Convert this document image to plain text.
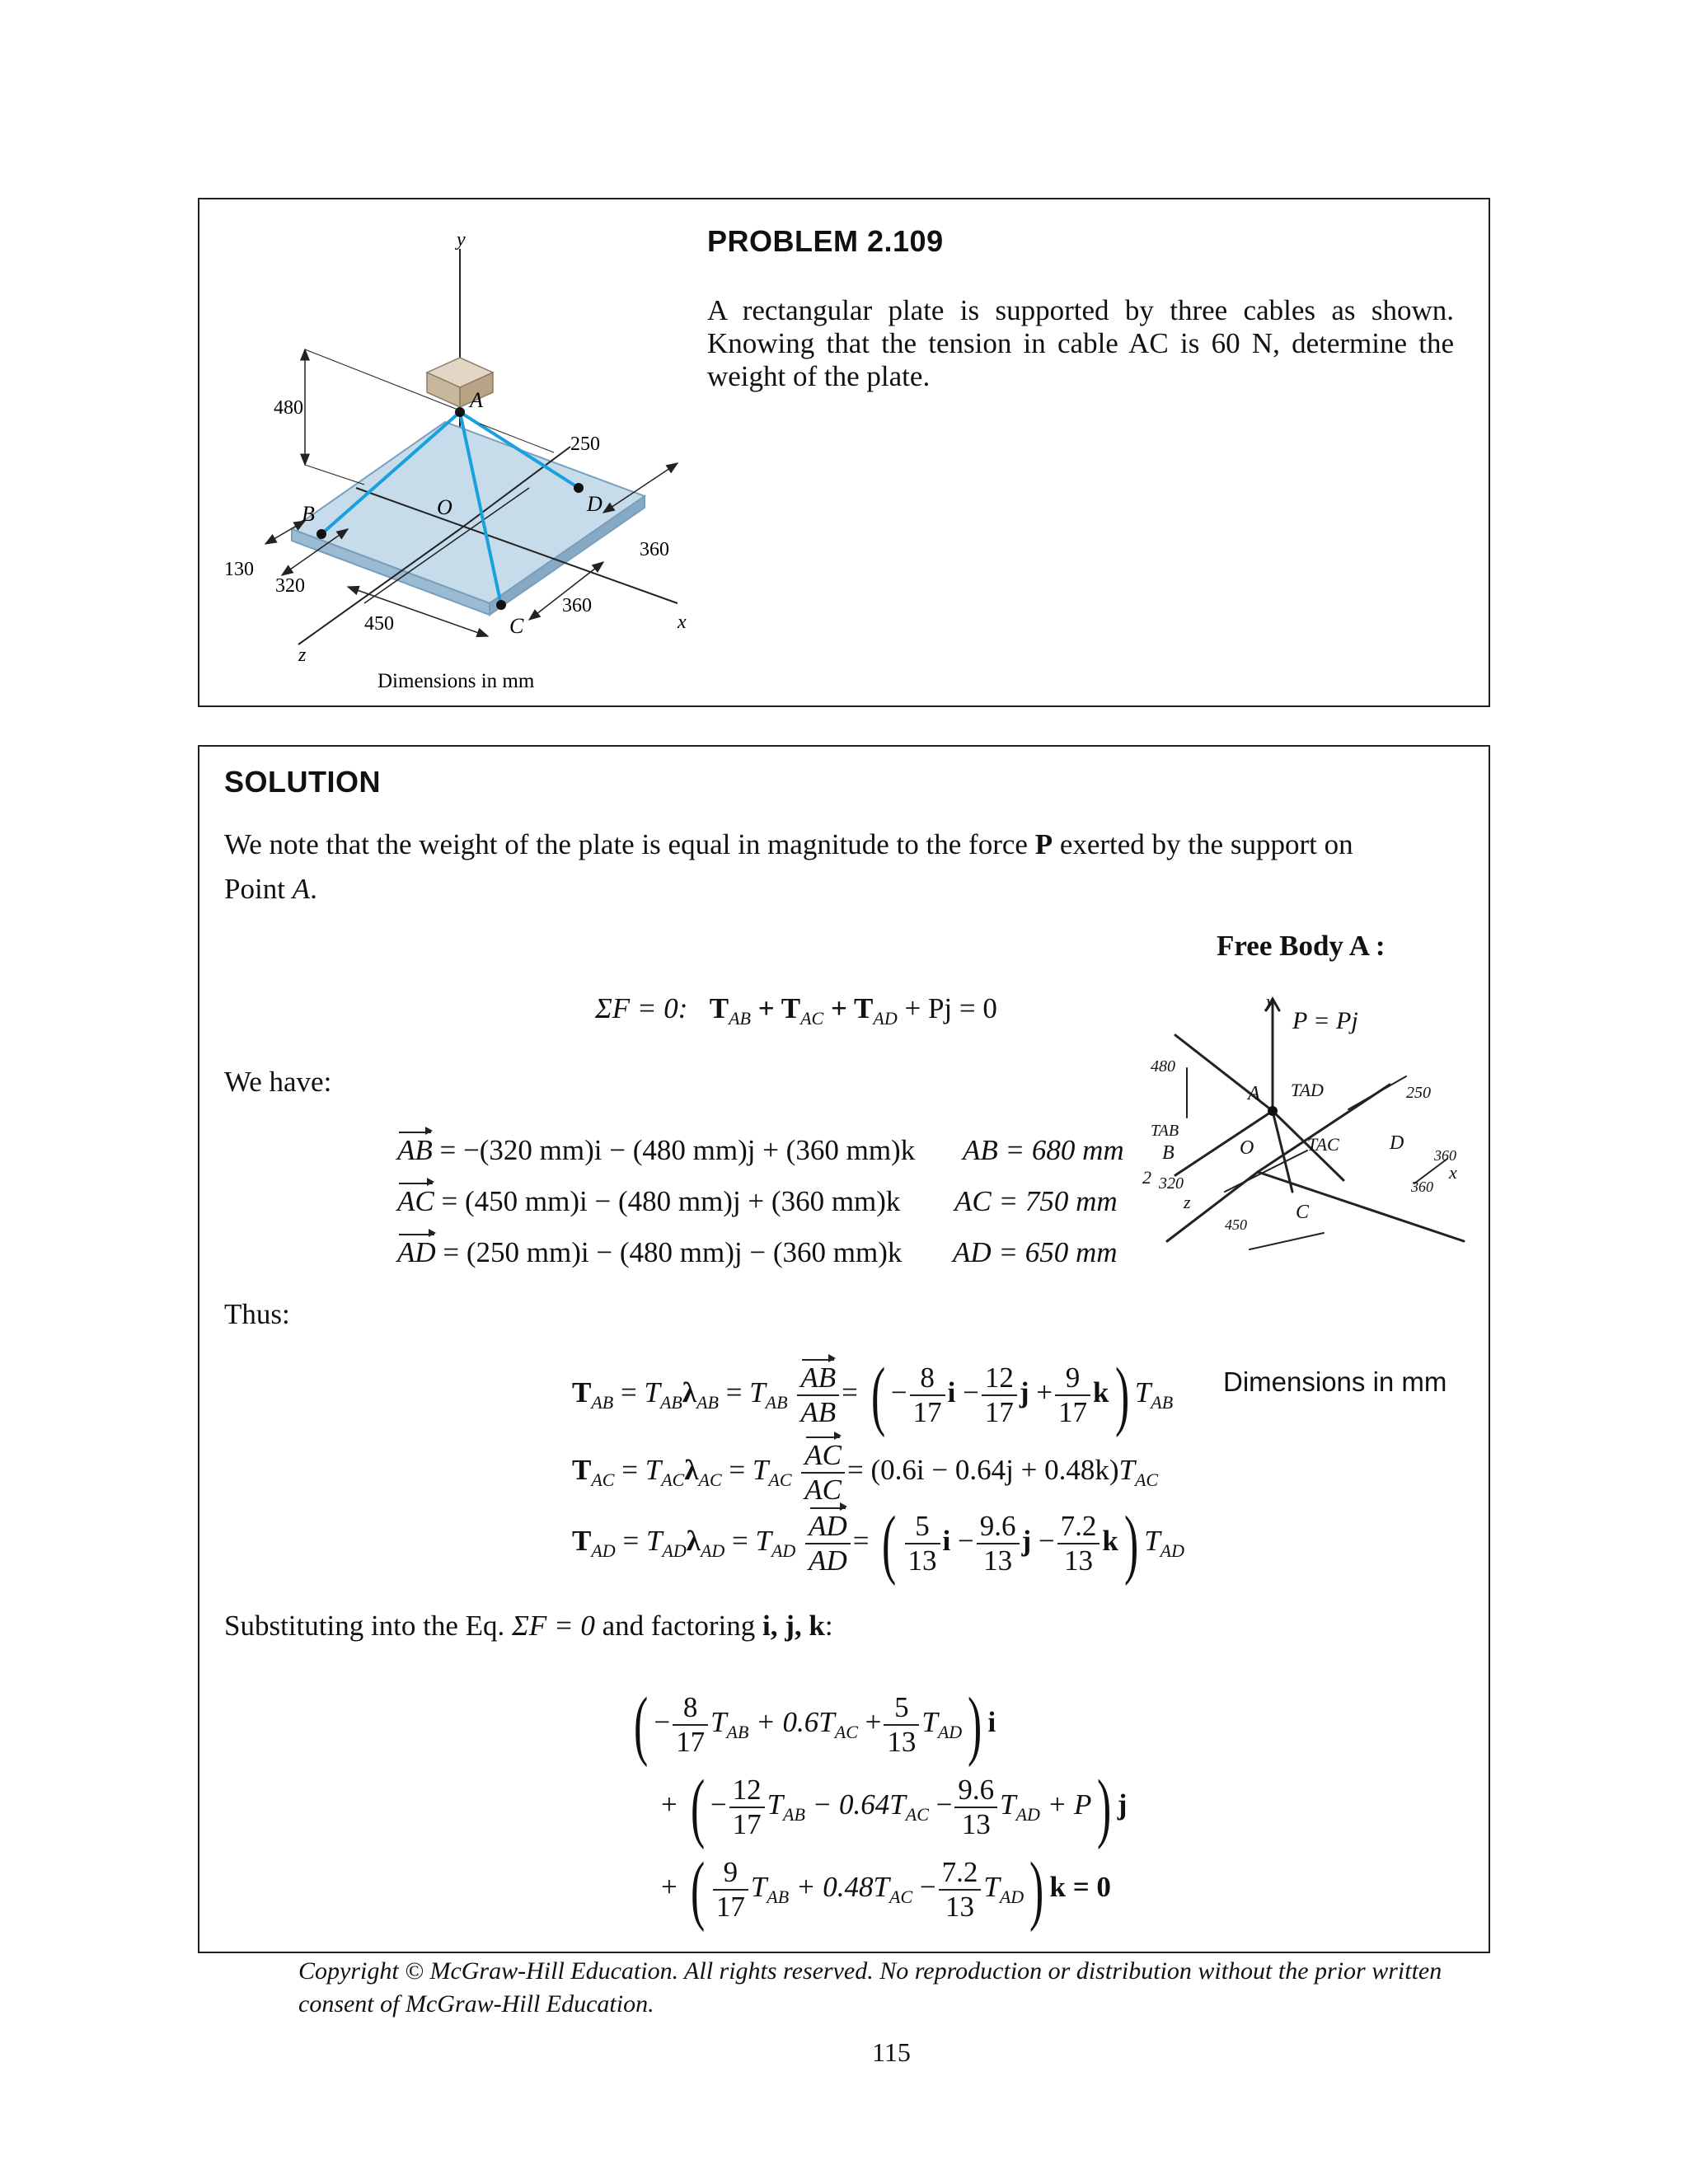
y
A
B
C
D
O
x
z
480
250
360
360
130
320
450
Dimensions in mm
PROBLEM 2.109
A rectangular plate is supported by three cables as shown. Knowing that the tension in cable AC is 60 N, determine the weight of the plate.
SOLUTION
We note that the weight of the plate is equal in magnitude to the force P exerted by the support on
Point A.
Free Body A :
ΣF = 0: $T_{AB} + T_{AC} + T_{AD} + Pj = 0$
We have:
AB = −(320 mm)i − (480 mm)j + (360 mm)k AB = 680 mm
AC = (450 mm)i − (480 mm)j + (360 mm)k AC = 750 mm
AD = (250 mm)i − (480 mm)j − (360 mm)k AD = 650 mm
y
P = Pj
A
480
TAD	250
TAB
B	O	TAC	D
360
2 320	360
x
z
450
C
Thus:
Dimensions in mm
$T_{AB} = T_{AB}\lambda_{AB} = T_{AB} \frac{AB}{AB}$ = ( − $\frac{8}{17}$ $i - \frac{12}{17}$ $j + \frac{9}{17} k$) $T_{AB}$
$T_{AC} = T_{AC}\lambda_{AC} = T_{AC} \frac{AC}{AC} = (0.6i - 0.64j + 0.48k)T_{AC}$
$T_{AD} = T_{AD}\lambda_{AD} = T_{AD} \frac{AD}{AD}$ = ( $\frac{5}{13}$ $i - \frac{9.6}{13}$ $j - \frac{7.2}{13} k$) $T_{AD}$
Substituting into the Eq. ΣF = 0 and factoring i, j, k:
( − $\frac{8}{17} T_{AB} + 0.6T_{AC} + \frac{5}{13} T_{AD}$) i
+ ( − $\frac{12}{17} T_{AB} - 0.64T_{AC} - \frac{9.6}{13} T_{AD} + P$) j
+ ( $\frac{9}{17} T_{AB} + 0.48T_{AC} - \frac{7.2}{13} T_{AD}$) k = 0
Copyright © McGraw-Hill Education. All rights reserved. No reproduction or distribution without the prior written consent of McGraw-Hill Education.
115
